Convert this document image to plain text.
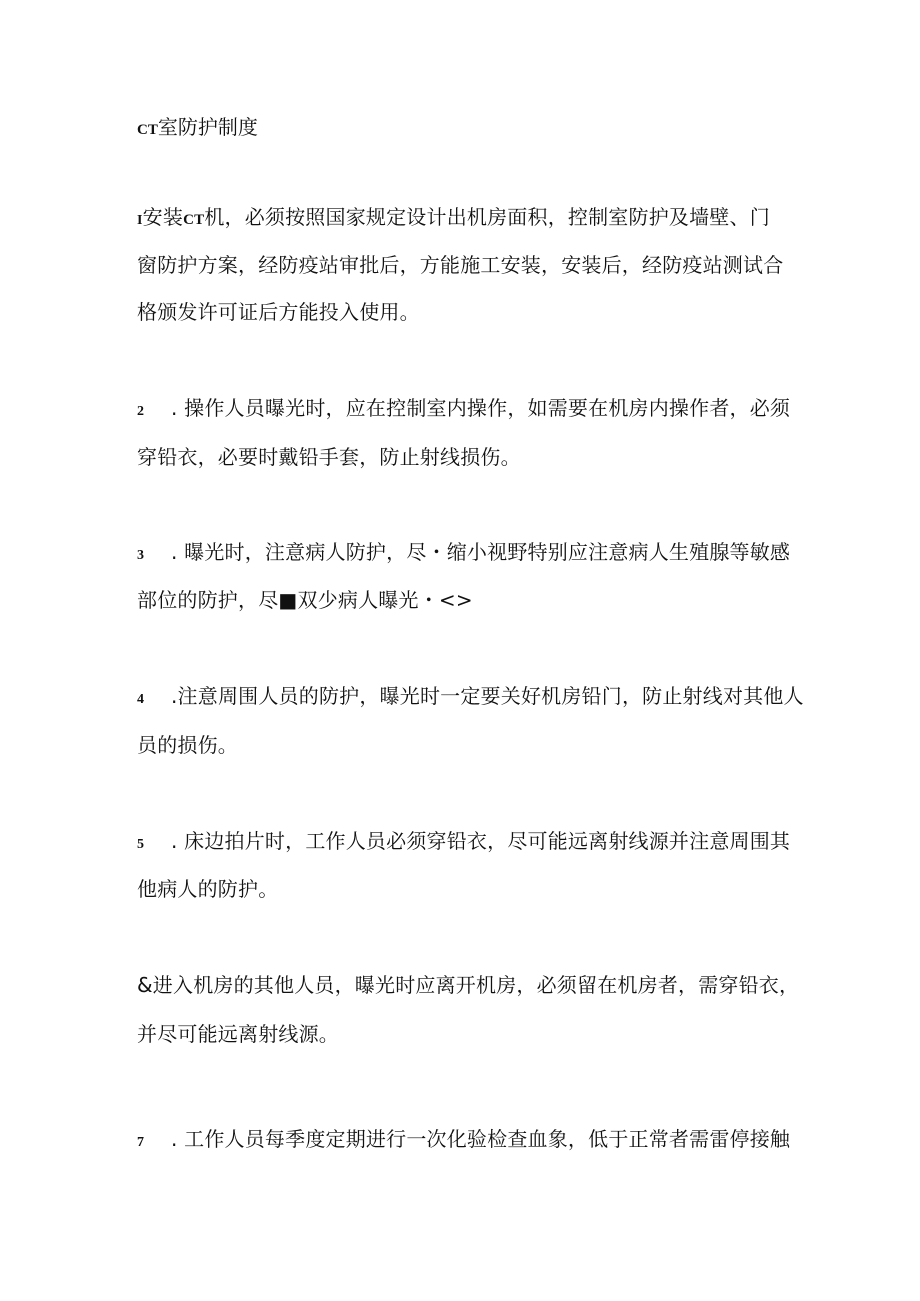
CT室防护制度
I安装CT机，必须按照国家规定设计出机房面积，控制室防护及墙壁、门
窗防护方案，经防疫站审批后，方能施工安装，安装后，经防疫站测试合
格颁发许可证后方能投入使用。
2 . 操作人员曝光时，应在控制室内操作，如需要在机房内操作者，必须
穿铅衣，必要时戴铅手套，防止射线损伤。
3 . 曝光时，注意病人防护，尽・缩小视野特别应注意病人生殖腺等敏感
部位的防护，尽■双少病人曝光・<>
4 .注意周围人员的防护，曝光时一定要关好机房铅门，防止射线对其他人
员的损伤。
5 . 床边拍片时，工作人员必须穿铅衣，尽可能远离射线源并注意周围其
他病人的防护。
&进入机房的其他人员，曝光时应离开机房，必须留在机房者，需穿铅衣，
并尽可能远离射线源。
7 . 工作人员每季度定期进行一次化验检查血象，低于正常者需雷停接触
